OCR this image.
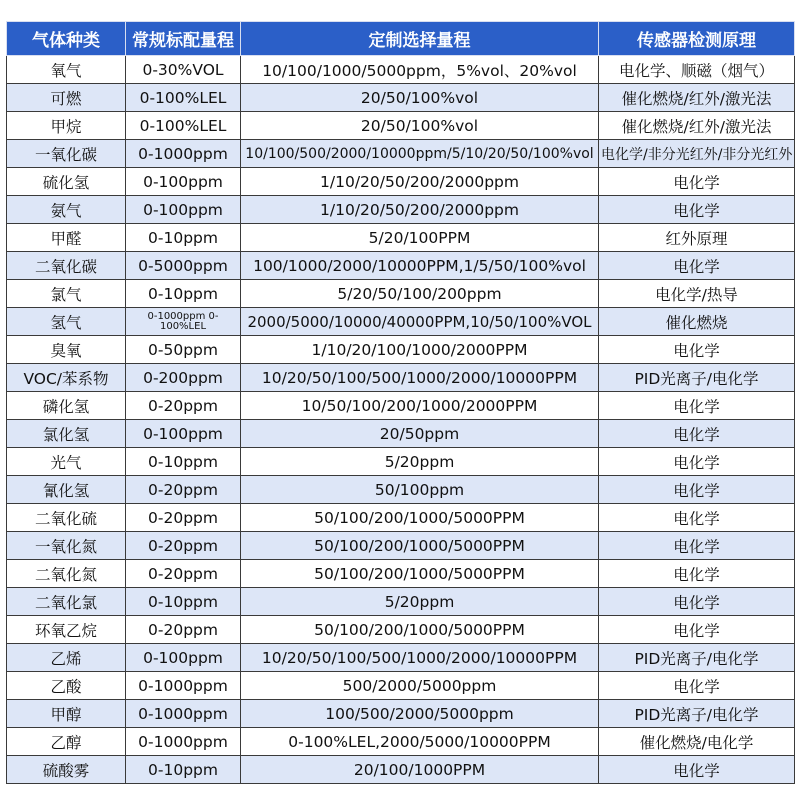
气体种类	常规标配量程	定制选择量程	传感器检测原理
氧气	0-30%VOL	10/100/1000/5000ppm，5%vol、20%vol	电化学、顺磁（烟气）
可燃	0-100%LEL	20/50/100%vol	催化燃烧/红外/激光法
甲烷	0-100%LEL	20/50/100%vol	催化燃烧/红外/激光法
一氧化碳	0-1000ppm	10/100/500/2000/10000ppm/5/10/20/50/100%vol	电化学/非分光红外/非分光红外
硫化氢	0-100ppm	1/10/20/50/200/2000ppm	电化学
氨气	0-100ppm	1/10/20/50/200/2000ppm	电化学
甲醛	0-10ppm	5/20/100PPM	红外原理
二氧化碳	0-5000ppm	100/1000/2000/10000PPM,1/5/50/100%vol	电化学
氯气	0-10ppm	5/20/50/100/200ppm	电化学/热导
氢气	0-1000ppm 0-100%LEL	2000/5000/10000/40000PPM,10/50/100%VOL	催化燃烧
臭氧	0-50ppm	1/10/20/100/1000/2000PPM	电化学
VOC/苯系物	0-200ppm	10/20/50/100/500/1000/2000/10000PPM	PID光离子/电化学
磷化氢	0-20ppm	10/50/100/200/1000/2000PPM	电化学
氯化氢	0-100ppm	20/50ppm	电化学
光气	0-10ppm	5/20ppm	电化学
氰化氢	0-20ppm	50/100ppm	电化学
二氧化硫	0-20ppm	50/100/200/1000/5000PPM	电化学
一氧化氮	0-20ppm	50/100/200/1000/5000PPM	电化学
二氧化氮	0-20ppm	50/100/200/1000/5000PPM	电化学
二氧化氯	0-10ppm	5/20ppm	电化学
环氧乙烷	0-20ppm	50/100/200/1000/5000PPM	电化学
乙烯	0-100ppm	10/20/50/100/500/1000/2000/10000PPM	PID光离子/电化学
乙酸	0-1000ppm	500/2000/5000ppm	电化学
甲醇	0-1000ppm	100/500/2000/5000ppm	PID光离子/电化学
乙醇	0-1000ppm	0-100%LEL,2000/5000/10000PPM	催化燃烧/电化学
硫酸雾	0-10ppm	20/100/1000PPM	电化学
